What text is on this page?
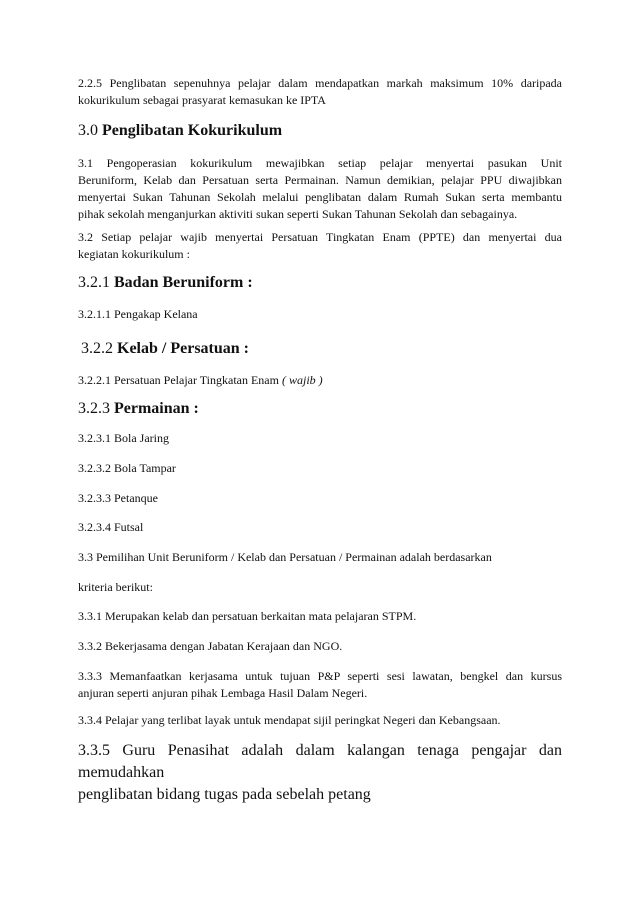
2.2.5 Penglibatan sepenuhnya pelajar dalam mendapatkan markah maksimum 10% daripada
kokurikulum sebagai prasyarat kemasukan ke IPTA
3.0 Penglibatan Kokurikulum
3.1 Pengoperasian kokurikulum mewajibkan setiap pelajar menyertai pasukan Unit
Beruniform, Kelab dan Persatuan serta Permainan. Namun demikian, pelajar PPU diwajibkan
menyertai Sukan Tahunan Sekolah melalui penglibatan dalam Rumah Sukan serta membantu
pihak sekolah menganjurkan aktiviti sukan seperti Sukan Tahunan Sekolah dan sebagainya.
3.2 Setiap pelajar wajib menyertai Persatuan Tingkatan Enam (PPTE) dan menyertai dua
kegiatan kokurikulum :
3.2.1 Badan Beruniform :
3.2.1.1 Pengakap Kelana
3.2.2 Kelab / Persatuan :
3.2.2.1 Persatuan Pelajar Tingkatan Enam ( wajib )
3.2.3 Permainan :
3.2.3.1 Bola Jaring
3.2.3.2 Bola Tampar
3.2.3.3 Petanque
3.2.3.4 Futsal
3.3 Pemilihan Unit Beruniform / Kelab dan Persatuan / Permainan adalah berdasarkan
kriteria berikut:
3.3.1 Merupakan kelab dan persatuan berkaitan mata pelajaran STPM.
3.3.2 Bekerjasama dengan Jabatan Kerajaan dan NGO.
3.3.3 Memanfaatkan kerjasama untuk tujuan P&P seperti sesi lawatan, bengkel dan kursus
anjuran seperti anjuran pihak Lembaga Hasil Dalam Negeri.
3.3.4 Pelajar yang terlibat layak untuk mendapat sijil peringkat Negeri dan Kebangsaan.
3.3.5 Guru Penasihat adalah dalam kalangan tenaga pengajar dan memudahkan
penglibatan bidang tugas pada sebelah petang
